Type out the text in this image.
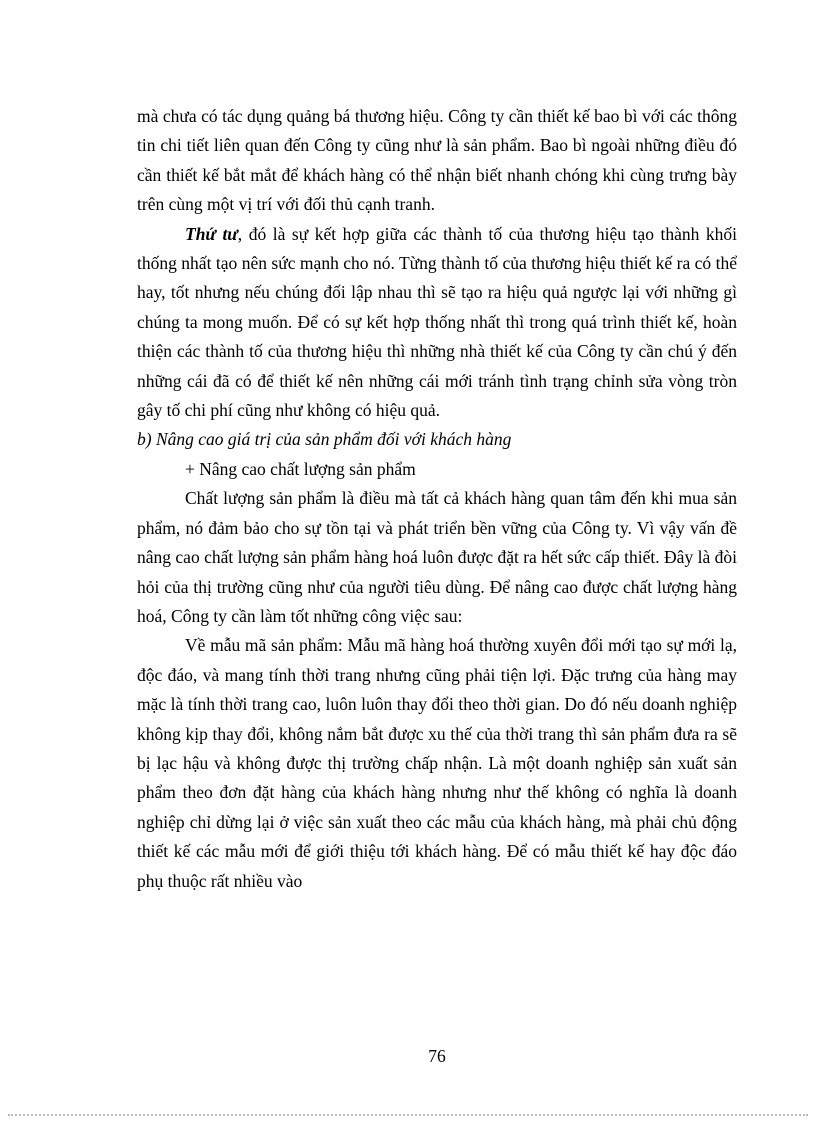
mà chưa có tác dụng quảng bá thương hiệu. Công ty cần thiết kế bao bì với các thông tin chi tiết liên quan đến Công ty cũng như là sản phẩm. Bao bì ngoài những điều đó cần thiết kế bắt mắt để khách hàng có thể nhận biết nhanh chóng khi cùng trưng bày trên cùng một vị trí với đối thủ cạnh tranh.

Thứ tư, đó là sự kết hợp giữa các thành tố của thương hiệu tạo thành khối thống nhất tạo nên sức mạnh cho nó. Từng thành tố của thương hiệu thiết kế ra có thể hay, tốt nhưng nếu chúng đối lập nhau thì sẽ tạo ra hiệu quả ngược lại với những gì chúng ta mong muốn. Để có sự kết hợp thống nhất thì trong quá trình thiết kế, hoàn thiện các thành tố của thương hiệu thì những nhà thiết kế của Công ty cần chú ý đến những cái đã có để thiết kế nên những cái mới tránh tình trạng chỉnh sửa vòng tròn gây tố chi phí cũng như không có hiệu quả.

b) Nâng cao giá trị của sản phẩm đối với khách hàng

+ Nâng cao chất lượng sản phẩm

Chất lượng sản phẩm là điều mà tất cả khách hàng quan tâm đến khi mua sản phẩm, nó đảm bảo cho sự tồn tại và phát triển bền vững của Công ty. Vì vậy vấn đề nâng cao chất lượng sản phẩm hàng hoá luôn được đặt ra hết sức cấp thiết. Đây là đòi hỏi của thị trường cũng như của người tiêu dùng. Để nâng cao được chất lượng hàng hoá, Công ty cần làm tốt những công việc sau:

Về mẫu mã sản phẩm: Mẫu mã hàng hoá thường xuyên đổi mới tạo sự mới lạ, độc đáo, và mang tính thời trang nhưng cũng phải tiện lợi. Đặc trưng của hàng may mặc là tính thời trang cao, luôn luôn thay đổi theo thời gian. Do đó nếu doanh nghiệp không kịp thay đổi, không nắm bắt được xu thế của thời trang thì sản phẩm đưa ra sẽ bị lạc hậu và không được thị trường chấp nhận. Là một doanh nghiệp sản xuất sản phẩm theo đơn đặt hàng của khách hàng nhưng như thế không có nghĩa là doanh nghiệp chỉ dừng lại ở việc sản xuất theo các mẫu của khách hàng, mà phải chủ động thiết kế các mẫu mới để giới thiệu tới khách hàng. Để có mẫu thiết kế hay độc đáo phụ thuộc rất nhiều vào

76
